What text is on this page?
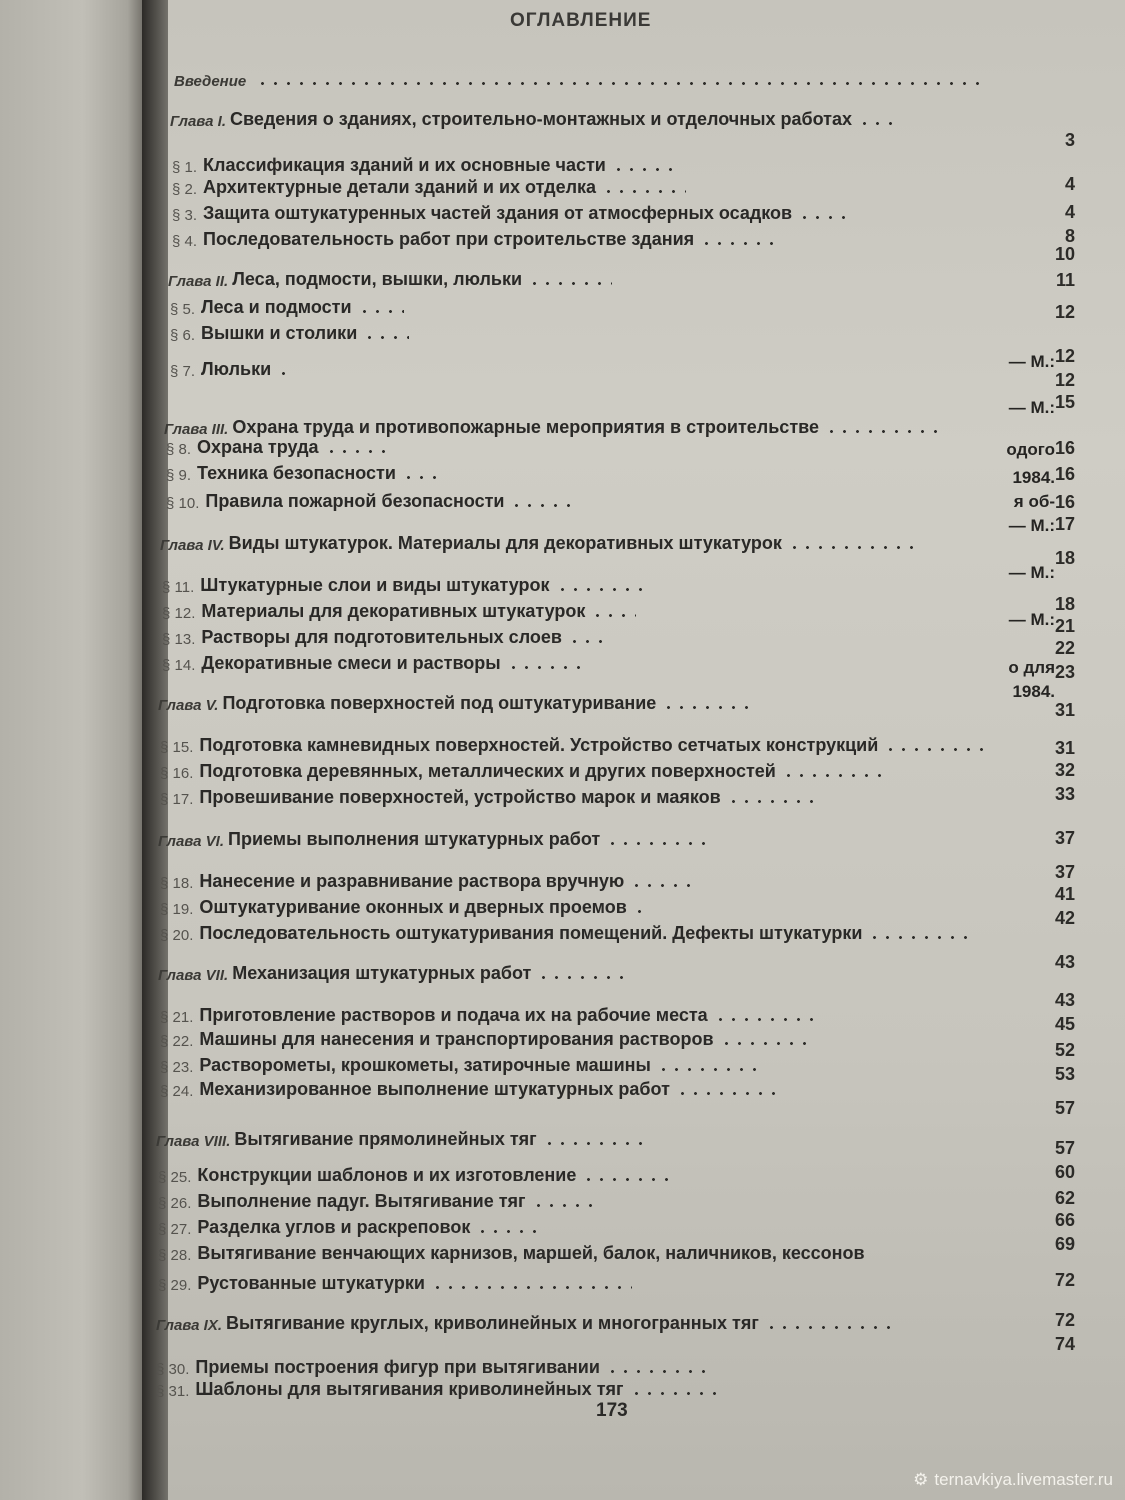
ОГЛАВЛЕНИЕ
— М.:
— М.:
одого
1984.
я об-
— М.:
— М.:
— М.:
о для
1984.
Введение
Глава I. Сведения о зданиях, строительно-монтажных и отделочных работах
§ 1. Классификация зданий и их основные части
§ 2. Архитектурные детали зданий и их отделка
§ 3. Защита оштукатуренных частей здания от атмосферных осадков
§ 4. Последовательность работ при строительстве здания
Глава II. Леса, подмости, вышки, люльки
§ 5. Леса и подмости
§ 6. Вышки и столики
§ 7. Люльки
Глава III. Охрана труда и противопожарные мероприятия в строительстве
§ 8. Охрана труда
§ 9. Техника безопасности
§ 10. Правила пожарной безопасности
Глава IV. Виды штукатурок. Материалы для декоративных штукатурок
§ 11. Штукатурные слои и виды штукатурок
§ 12. Материалы для декоративных штукатурок
§ 13. Растворы для подготовительных слоев
§ 14. Декоративные смеси и растворы
Глава V. Подготовка поверхностей под оштукатуривание
§ 15. Подготовка камневидных поверхностей. Устройство сетчатых конструкций
§ 16. Подготовка деревянных, металлических и других поверхностей
§ 17. Провешивание поверхностей, устройство марок и маяков
Глава VI. Приемы выполнения штукатурных работ
§ 18. Нанесение и разравнивание раствора вручную
§ 19. Оштукатуривание оконных и дверных проемов
§ 20. Последовательность оштукатуривания помещений. Дефекты штукатурки
Глава VII. Механизация штукатурных работ
§ 21. Приготовление растворов и подача их на рабочие места
§ 22. Машины для нанесения и транспортирования растворов
§ 23. Растворометы, крошкометы, затирочные машины
§ 24. Механизированное выполнение штукатурных работ
Глава VIII. Вытягивание прямолинейных тяг
§ 25. Конструкции шаблонов и их изготовление
§ 26. Выполнение падуг. Вытягивание тяг
§ 27. Разделка углов и раскреповок
§ 28. Вытягивание венчающих карнизов, маршей, балок, наличников, кессонов
§ 29. Рустованные штукатурки
Глава IX. Вытягивание круглых, криволинейных и многогранных тяг
§ 30. Приемы построения фигур при вытягивании
§ 31. Шаблоны для вытягивания криволинейных тяг
3
4
4
8
10
11
12
12
12
15
16
16
16
17
18
18
21
22
23
31
31
32
33
37
37
41
42
43
43
45
52
53
57
57
60
62
66
69
72
72
74
173
⚙ ternavkiya.livemaster.ru
